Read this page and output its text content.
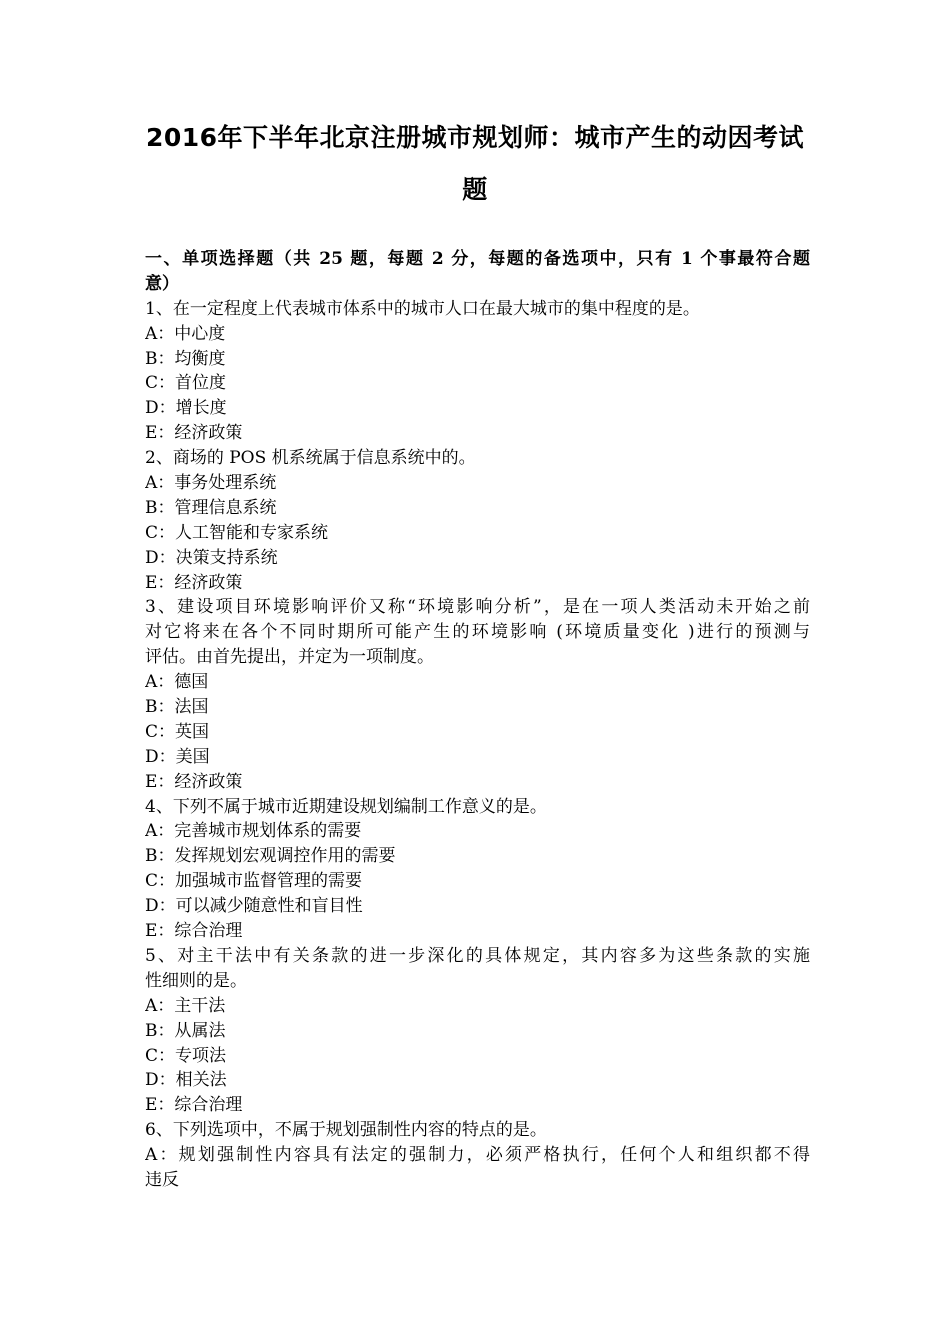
2016年下半年北京注册城市规划师：城市产生的动因考试
题
一、单项选择题（共 25 题，每题 2 分，每题的备选项中，只有 1 个事最符合题
意）
1、在一定程度上代表城市体系中的城市人口在最大城市的集中程度的是。
A：中心度
B：均衡度
C：首位度
D：增长度
E：经济政策
2、商场的 POS 机系统属于信息系统中的。
A：事务处理系统
B：管理信息系统
C：人工智能和专家系统
D：决策支持系统
E：经济政策
3、建设项目环境影响评价又称“环境影响分析”，是在一项人类活动未开始之前
对它将来在各个不同时期所可能产生的环境影响 (环境质量变化 )进行的预测与
评估。由首先提出，并定为一项制度。
A：德国
B：法国
C：英国
D：美国
E：经济政策
4、下列不属于城市近期建设规划编制工作意义的是。
A：完善城市规划体系的需要
B：发挥规划宏观调控作用的需要
C：加强城市监督管理的需要
D：可以减少随意性和盲目性
E：综合治理
5、对主干法中有关条款的进一步深化的具体规定，其内容多为这些条款的实施
性细则的是。
A：主干法
B：从属法
C：专项法
D：相关法
E：综合治理
6、下列选项中，不属于规划强制性内容的特点的是。
A：规划强制性内容具有法定的强制力，必须严格执行，任何个人和组织都不得
违反
